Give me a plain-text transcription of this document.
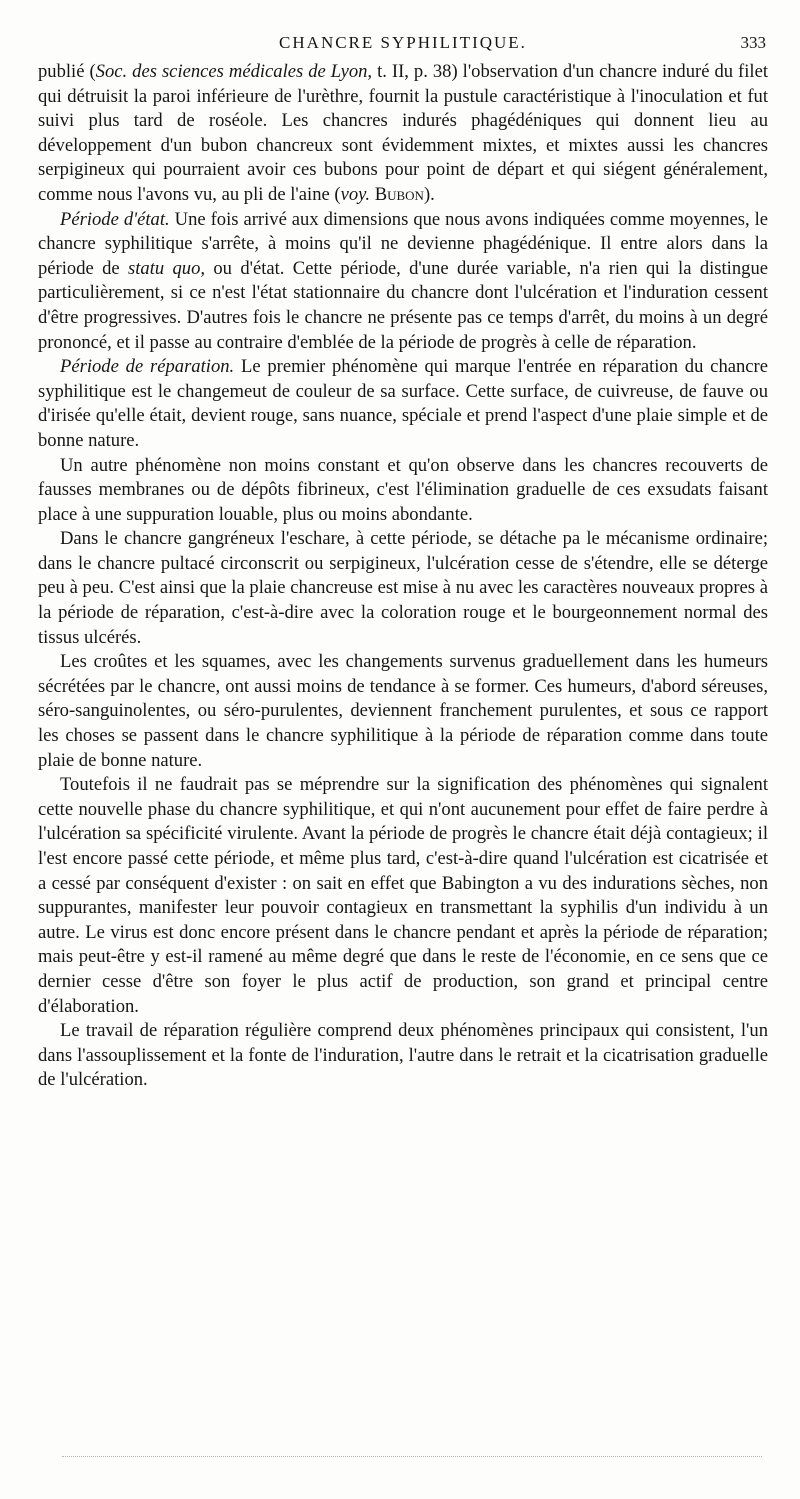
CHANCRE SYPHILITIQUE.	333

publié (Soc. des sciences médicales de Lyon, t. II, p. 38) l'observation d'un chancre induré du filet qui détruisit la paroi inférieure de l'urèthre, fournit la pustule caractéristique à l'inoculation et fut suivi plus tard de roséole. Les chancres indurés phagédéniques qui donnent lieu au développement d'un bubon chancreux sont évidemment mixtes, et mixtes aussi les chancres serpigineux qui pourraient avoir ces bubons pour point de départ et qui siégent généralement, comme nous l'avons vu, au pli de l'aine (voy. Bubon).

Période d'état. Une fois arrivé aux dimensions que nous avons indiquées comme moyennes, le chancre syphilitique s'arrête, à moins qu'il ne devienne phagédénique. Il entre alors dans la période de statu quo, ou d'état. Cette période, d'une durée variable, n'a rien qui la distingue particulièrement, si ce n'est l'état stationnaire du chancre dont l'ulcération et l'induration cessent d'être progressives. D'autres fois le chancre ne présente pas ce temps d'arrêt, du moins à un degré prononcé, et il passe au contraire d'emblée de la période de progrès à celle de réparation.

Période de réparation. Le premier phénomène qui marque l'entrée en réparation du chancre syphilitique est le changemeut de couleur de sa surface. Cette surface, de cuivreuse, de fauve ou d'irisée qu'elle était, devient rouge, sans nuance, spéciale et prend l'aspect d'une plaie simple et de bonne nature.

Un autre phénomène non moins constant et qu'on observe dans les chancres recouverts de fausses membranes ou de dépôts fibrineux, c'est l'élimination graduelle de ces exsudats faisant place à une suppuration louable, plus ou moins abondante.

Dans le chancre gangréneux l'eschare, à cette période, se détache pa le mécanisme ordinaire; dans le chancre pultacé circonscrit ou serpigineux, l'ulcération cesse de s'étendre, elle se déterge peu à peu. C'est ainsi que la plaie chancreuse est mise à nu avec les caractères nouveaux propres à la période de réparation, c'est-à-dire avec la coloration rouge et le bourgeonnement normal des tissus ulcérés.

Les croûtes et les squames, avec les changements survenus graduellement dans les humeurs sécrétées par le chancre, ont aussi moins de tendance à se former. Ces humeurs, d'abord séreuses, séro-sanguinolentes, ou séro-purulentes, deviennent franchement purulentes, et sous ce rapport les choses se passent dans le chancre syphilitique à la période de réparation comme dans toute plaie de bonne nature.

Toutefois il ne faudrait pas se méprendre sur la signification des phénomènes qui signalent cette nouvelle phase du chancre syphilitique, et qui n'ont aucunement pour effet de faire perdre à l'ulcération sa spécificité virulente. Avant la période de progrès le chancre était déjà contagieux; il l'est encore passé cette période, et même plus tard, c'est-à-dire quand l'ulcération est cicatrisée et a cessé par conséquent d'exister : on sait en effet que Babington a vu des indurations sèches, non suppurantes, manifester leur pouvoir contagieux en transmettant la syphilis d'un individu à un autre. Le virus est donc encore présent dans le chancre pendant et après la période de réparation; mais peut-être y est-il ramené au même degré que dans le reste de l'économie, en ce sens que ce dernier cesse d'être son foyer le plus actif de production, son grand et principal centre d'élaboration.

Le travail de réparation régulière comprend deux phénomènes principaux qui consistent, l'un dans l'assouplissement et la fonte de l'induration, l'autre dans le retrait et la cicatrisation graduelle de l'ulcération.
